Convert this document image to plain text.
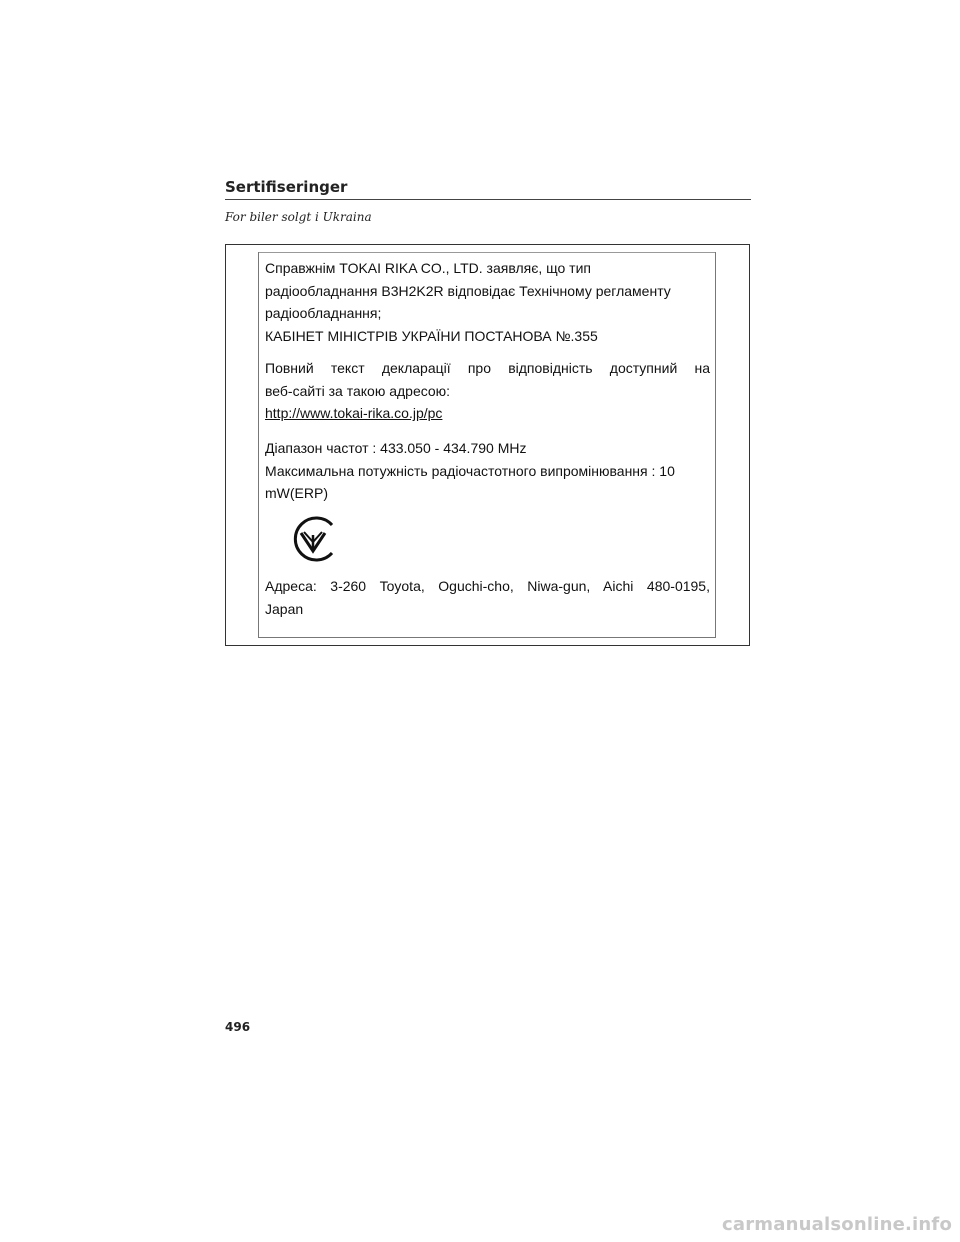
Sertifiseringer
For biler solgt i Ukraina
Справжнім TOKAI RIKA CO., LTD. заявляє, що тип
радіообладнання B3H2K2R відповідає Технічному регламенту
радіообладнання;
КАБІНЕТ МІНІСТРІВ УКРАЇНИ ПОСТАНОВА №.355
Повний текст декларації про відповідність доступний на
веб-сайті за такою адресою:
http://www.tokai-rika.co.jp/pc
Діапазон частот : 433.050 - 434.790 MHz
Максимальна потужність радіочастотного випромінювання : 10
mW(ERP)
Адреса: 3-260 Toyota, Oguchi-cho, Niwa-gun, Aichi 480-0195,
Japan
496
carmanualsonline.info
